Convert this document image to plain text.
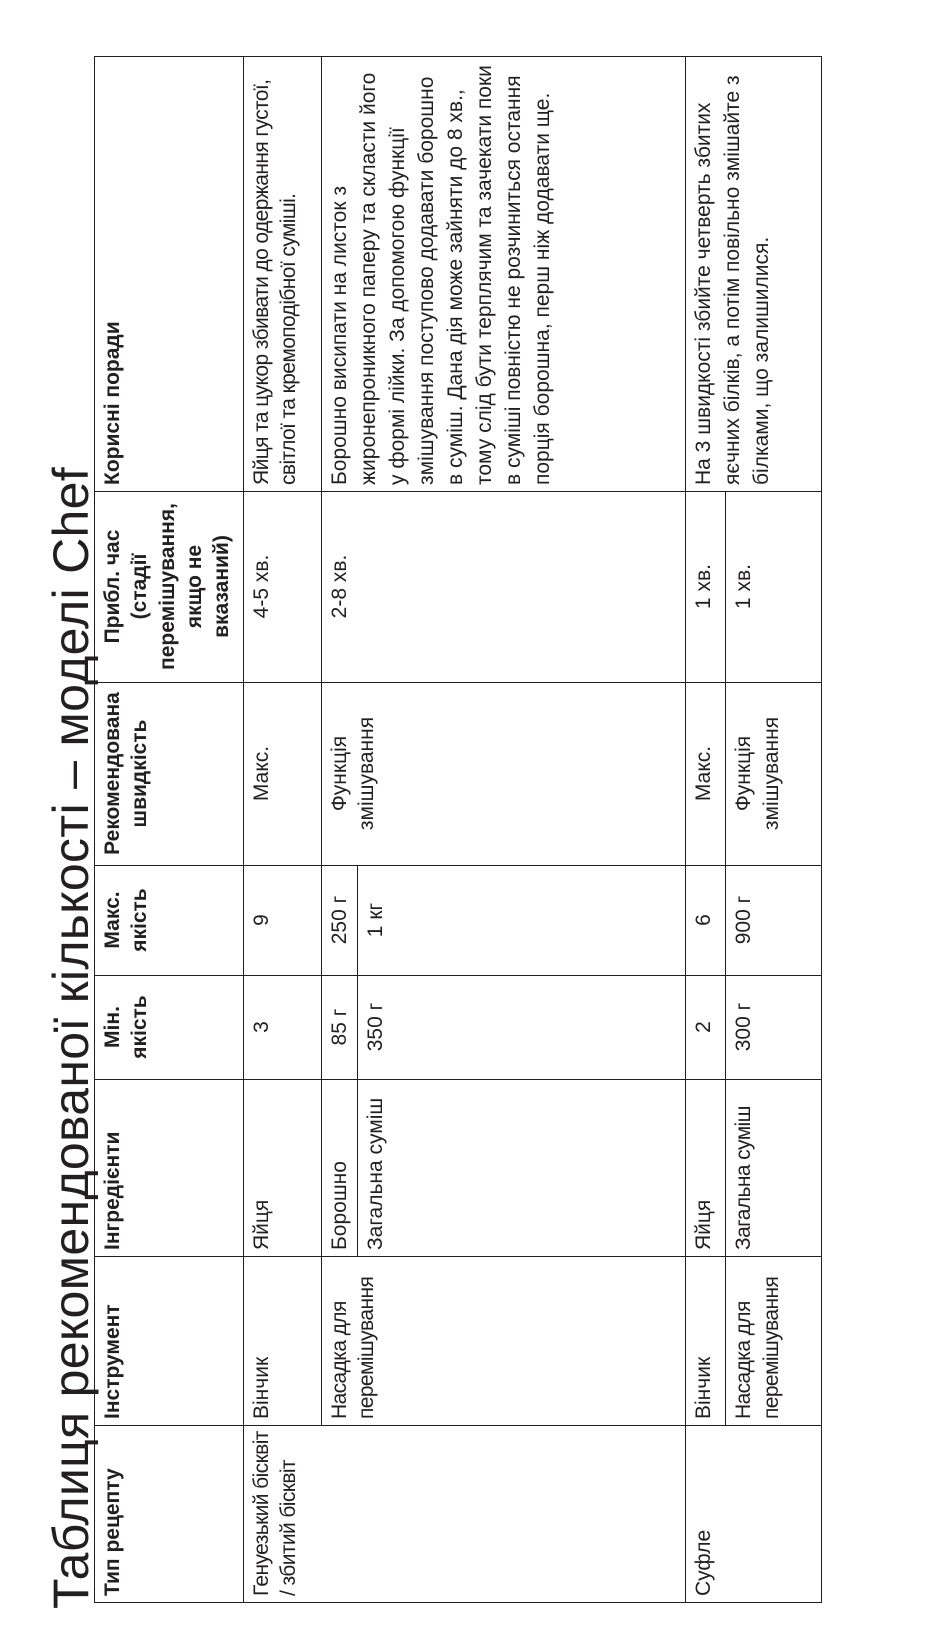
Таблиця рекомендованої кількості – моделі Chef Тип рецепту	Інструмент	Інгредієнти	Мін. якість	Макс. якість	Рекомендована швидкість	Прибл. час (стадії перемішування, якщо не вказаний)	Корисні поради
Генуезький бісквіт / збитий бісквіт	Вінчик	Яйця	3	9	Макс.	4-5 хв.	Яйця та цукор збивати до одержання густої, світлої та кремоподібної суміші.
	Насадка для перемішування	Борошно	85 г	250 г	Функція змішування	2-8 хв.	Борошно висипати на листок з жиронепроникного паперу та скласти його у формі лійки. За допомогою функції змішування поступово додавати борошно в суміш. Дана дія може зайняти до 8 хв., тому слід бути терплячим та зачекати поки в суміші повністю не розчиниться остання порція борошна, перш ніж додавати ще.
		Загальна суміш	350 г	1 кг			
Суфле	Вінчик	Яйця	2	6	Макс.	1 хв.	На 3 швидкості збийте четверть збитих яєчних білків, а потім повільно змішайте з білками, що залишилися.
	Насадка для перемішування	Загальна суміш	300 г	900 г	Функція змішування	1 хв.	
